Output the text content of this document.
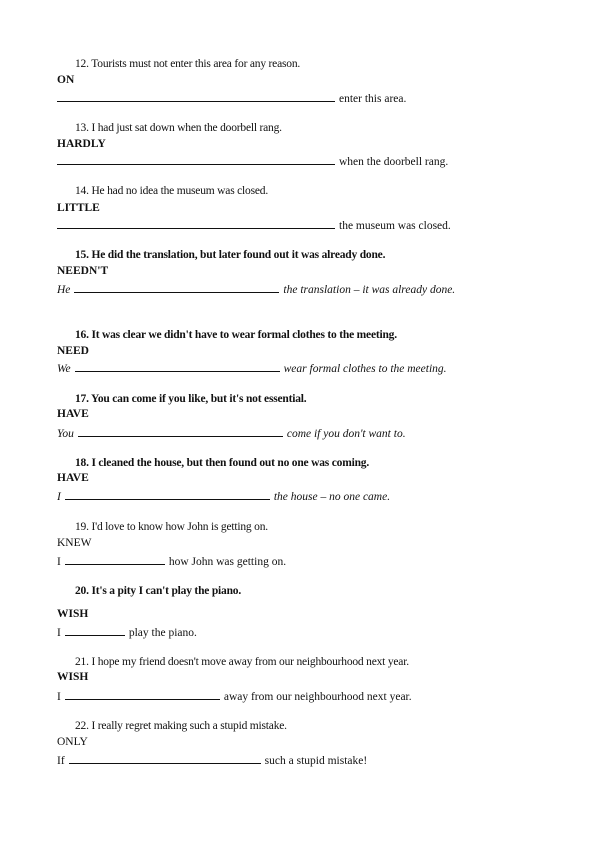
12. Tourists must not enter this area for any reason.
ON
enter this area.
13. I had just sat down when the doorbell rang.
HARDLY
when the doorbell rang.
14. He had no idea the museum was closed.
LITTLE
the museum was closed.
15. He did the translation, but later found out it was already done.
NEEDN'T
He	the translation – it was already done.
16. It was clear we didn't have to wear formal clothes to the meeting.
NEED
We	wear formal clothes to the meeting.
17. You can come if you like, but it's not essential.
HAVE
You	come if you don't want to.
18. I cleaned the house, but then found out no one was coming.
HAVE
I	the house – no one came.
19. I'd love to know how John is getting on.
KNEW
I	how John was getting on.
20. It's a pity I can't play the piano.
WISH
I	play the piano.
21. I hope my friend doesn't move away from our neighbourhood next year.
WISH
I	away from our neighbourhood next year.
22. I really regret making such a stupid mistake.
ONLY
If	such a stupid mistake!
